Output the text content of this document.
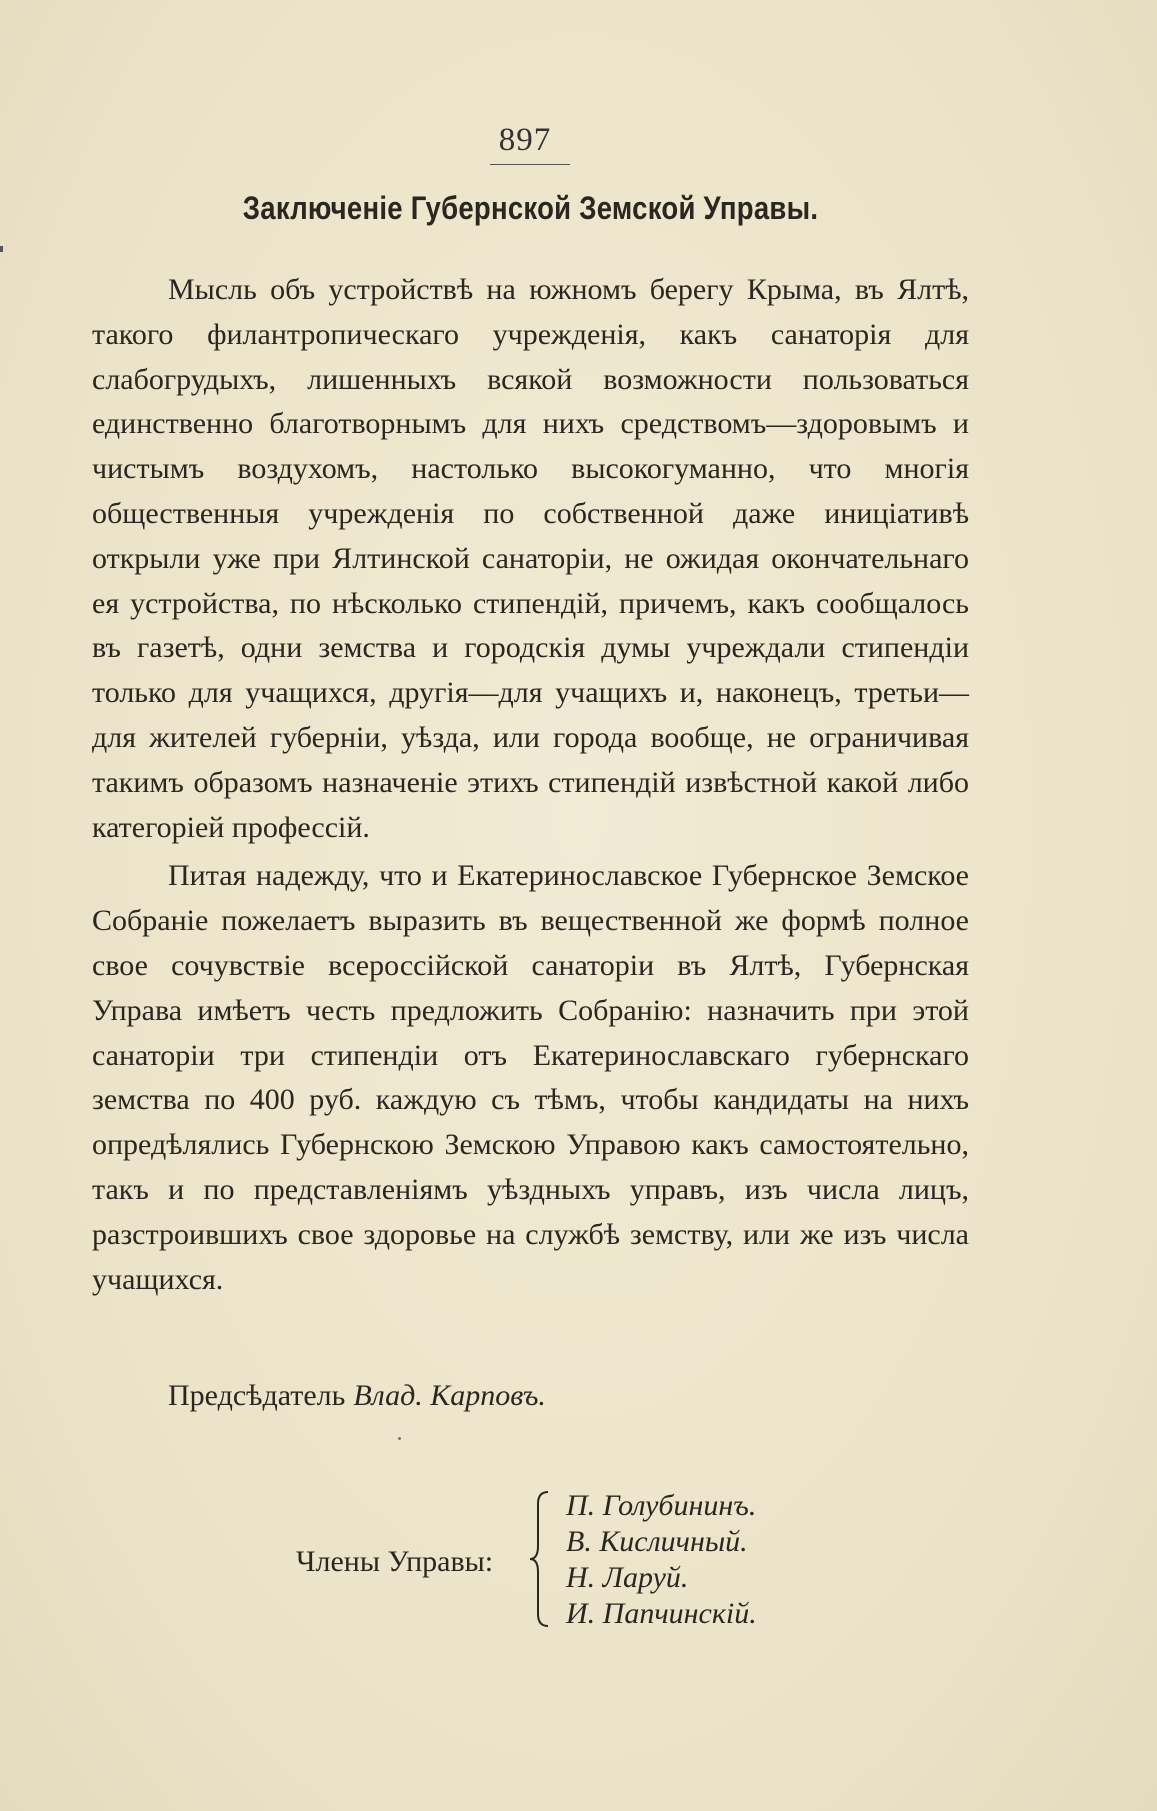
897
Заключеніе Губернской Земской Управы.

Мысль объ устройствѣ на южномъ берегу Крыма, въ Ялтѣ, такого филантропическаго учрежденія, какъ санаторія для слабогрудыхъ, лишенныхъ всякой возможности пользоваться единственно благотворнымъ для нихъ средствомъ—здоровымъ и чистымъ воздухомъ, настолько высокогуманно, что многія общественныя учрежденія по собственной даже иниціативѣ открыли уже при Ялтинской санаторіи, не ожидая окончательнаго ея устройства, по нѣсколько стипендій, причемъ, какъ сообщалось въ газетѣ, одни земства и городскія думы учреждали стипендіи только для учащихся, другія—для учащихъ и, наконецъ, третьи—для жителей губерніи, уѣзда, или города вообще, не ограничивая такимъ образомъ назначеніе этихъ стипендій извѣстной какой либо категоріей профессій.

Питая надежду, что и Екатеринославское Губернское Земское Собраніе пожелаетъ выразить въ вещественной же формѣ полное свое сочувствіе всероссійской санаторіи въ Ялтѣ, Губернская Управа имѣетъ честь предложить Собранію: назначить при этой санаторіи три стипендіи отъ Екатеринославскаго губернскаго земства по 400 руб. каждую съ тѣмъ, чтобы кандидаты на нихъ опредѣлялись Губернскою Земскою Управою какъ самостоятельно, такъ и по представленіямъ уѣздныхъ управъ, изъ числа лицъ, разстроившихъ свое здоровье на службѣ земству, или же изъ числа учащихся.

Предсѣдатель Влад. Карповъ.
Члены Управы:
П. Голубининъ.
В. Кисличный.
Н. Ларуй.
И. Папчинскій.
